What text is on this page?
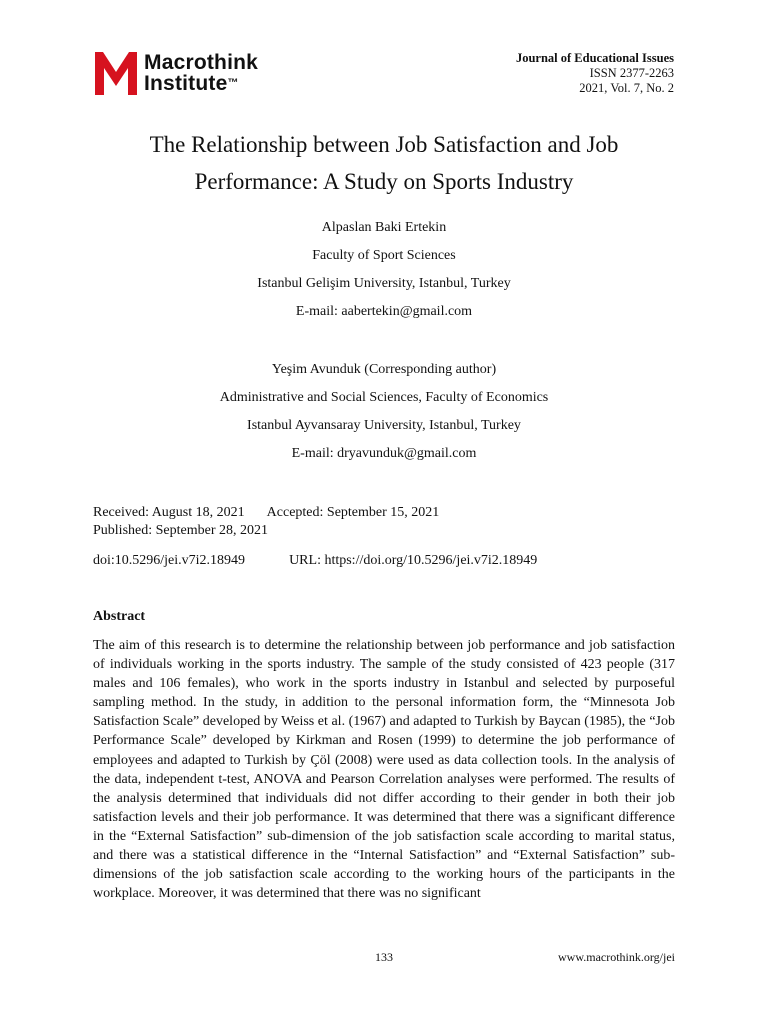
Macrothink
Institute™
Journal of Educational Issues
ISSN 2377-2263
2021, Vol. 7, No. 2
The Relationship between Job Satisfaction and Job
Performance: A Study on Sports Industry
Alpaslan Baki Ertekin
Faculty of Sport Sciences
Istanbul Gelişim University, Istanbul, Turkey
E-mail: aabertekin@gmail.com
Yeşim Avunduk (Corresponding author)
Administrative and Social Sciences, Faculty of Economics
Istanbul Ayvansaray University, Istanbul, Turkey
E-mail: dryavunduk@gmail.com
Received: August 18, 2021 Accepted: September 15, 2021
Published: September 28, 2021
doi:10.5296/jei.v7i2.18949	URL: https://doi.org/10.5296/jei.v7i2.18949
Abstract

The aim of this research is to determine the relationship between job performance and job satisfaction of individuals working in the sports industry. The sample of the study consisted of 423 people (317 males and 106 females), who work in the sports industry in Istanbul and selected by purposeful sampling method. In the study, in addition to the personal information form, the “Minnesota Job Satisfaction Scale” developed by Weiss et al. (1967) and adapted to Turkish by Baycan (1985), the “Job Performance Scale” developed by Kirkman and Rosen (1999) to determine the job performance of employees and adapted to Turkish by Çöl (2008) were used as data collection tools. In the analysis of the data, independent t-test, ANOVA and Pearson Correlation analyses were performed. The results of the analysis determined that individuals did not differ according to their gender in both their job satisfaction levels and their job performance. It was determined that there was a significant difference in the “External Satisfaction” sub-dimension of the job satisfaction scale according to marital status, and there was a statistical difference in the “Internal Satisfaction” and “External Satisfaction” sub-dimensions of the job satisfaction scale according to the working hours of the participants in the workplace. Moreover, it was determined that there was no significant

133	www.macrothink.org/jei
